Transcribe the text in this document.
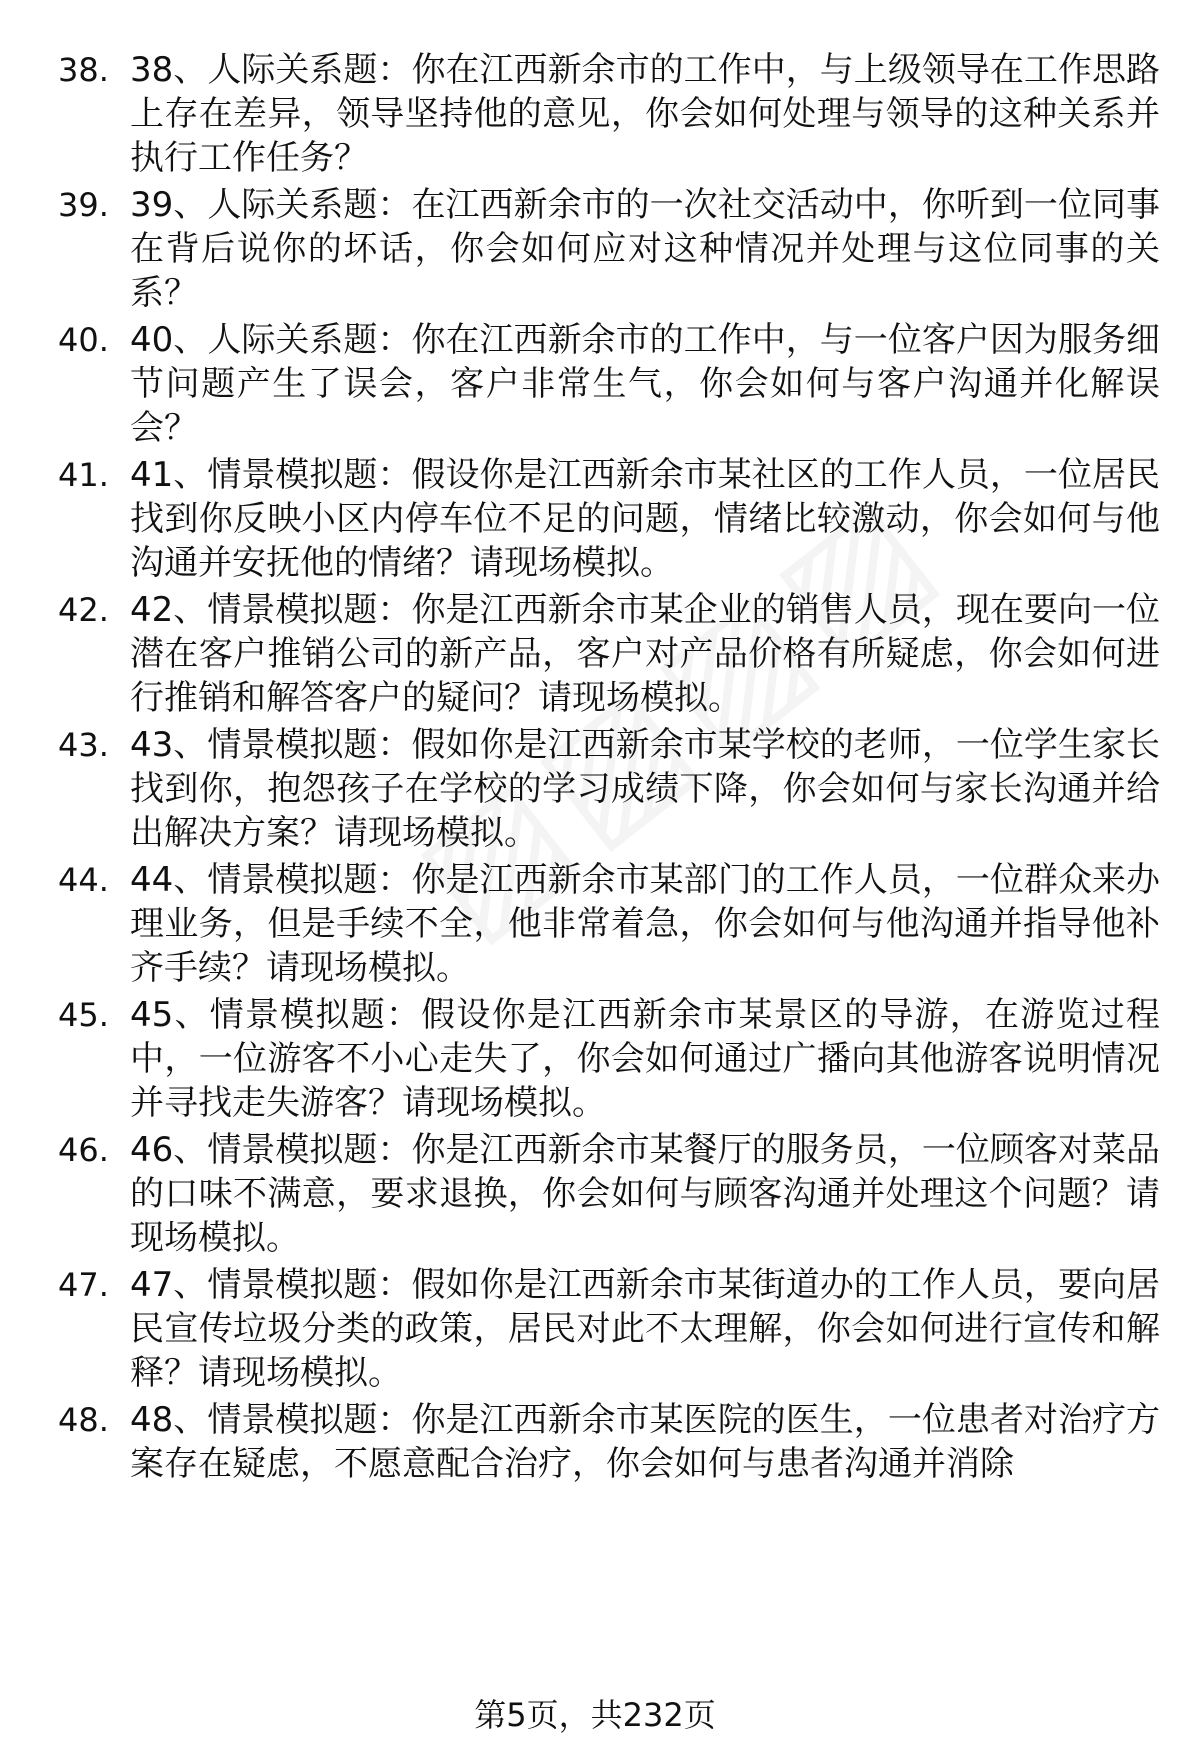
38. 38、人际关系题：你在江西新余市的工作中，与上级领导在工作思路上存在差异，领导坚持他的意见，你会如何处理与领导的这种关系并执行工作任务？
39. 39、人际关系题：在江西新余市的一次社交活动中，你听到一位同事在背后说你的坏话，你会如何应对这种情况并处理与这位同事的关系？
40. 40、人际关系题：你在江西新余市的工作中，与一位客户因为服务细节问题产生了误会，客户非常生气，你会如何与客户沟通并化解误会？
41. 41、情景模拟题：假设你是江西新余市某社区的工作人员，一位居民找到你反映小区内停车位不足的问题，情绪比较激动，你会如何与他沟通并安抚他的情绪？请现场模拟。
42. 42、情景模拟题：你是江西新余市某企业的销售人员，现在要向一位潜在客户推销公司的新产品，客户对产品价格有所疑虑，你会如何进行推销和解答客户的疑问？请现场模拟。
43. 43、情景模拟题：假如你是江西新余市某学校的老师，一位学生家长找到你，抱怨孩子在学校的学习成绩下降，你会如何与家长沟通并给出解决方案？请现场模拟。
44. 44、情景模拟题：你是江西新余市某部门的工作人员，一位群众来办理业务，但是手续不全，他非常着急，你会如何与他沟通并指导他补齐手续？请现场模拟。
45. 45、情景模拟题：假设你是江西新余市某景区的导游，在游览过程中，一位游客不小心走失了，你会如何通过广播向其他游客说明情况并寻找走失游客？请现场模拟。
46. 46、情景模拟题：你是江西新余市某餐厅的服务员，一位顾客对菜品的口味不满意，要求退换，你会如何与顾客沟通并处理这个问题？请现场模拟。
47. 47、情景模拟题：假如你是江西新余市某街道办的工作人员，要向居民宣传垃圾分类的政策，居民对此不太理解，你会如何进行宣传和解释？请现场模拟。
48. 48、情景模拟题：你是江西新余市某医院的医生，一位患者对治疗方案存在疑虑，不愿意配合治疗，你会如何与患者沟通并消除
第5页，共232页
